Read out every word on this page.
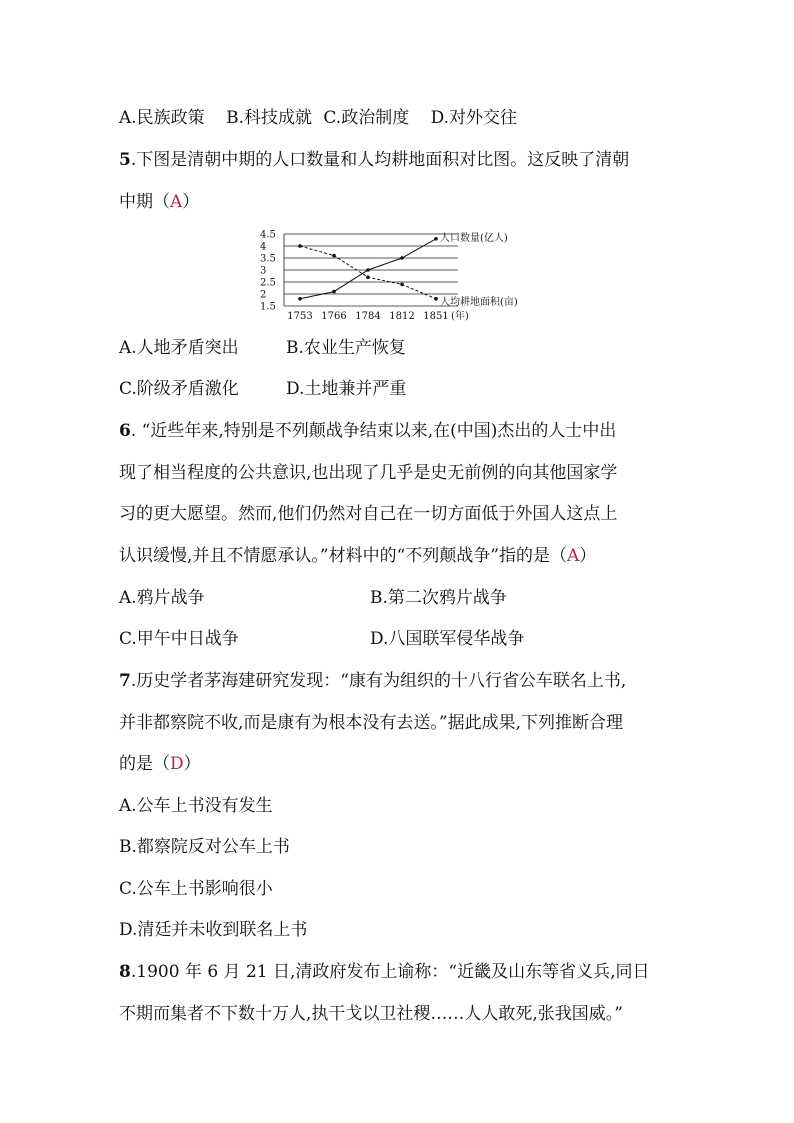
A.民族政策 B.科技成就 C.政治制度 D.对外交往
5.下图是清朝中期的人口数量和人均耕地面积对比图。这反映了清朝
中期（A）
4.5
4
3.5
3
2.5
2
1.5
1753 1766 1784 1812 1851 (年)
人口数量(亿人)
人均耕地面积(亩)
A.人地矛盾突出	B.农业生产恢复
C.阶级矛盾激化	D.土地兼并严重
6. “近些年来,特别是不列颠战争结束以来,在(中国)杰出的人士中出
现了相当程度的公共意识,也出现了几乎是史无前例的向其他国家学
习的更大愿望。然而,他们仍然对自己在一切方面低于外国人这点上
认识缓慢,并且不情愿承认。”材料中的“不列颠战争”指的是（A）
A.鸦片战争	B.第二次鸦片战争
C.甲午中日战争	D.八国联军侵华战争
7.历史学者茅海建研究发现：“康有为组织的十八行省公车联名上书,
并非都察院不收,而是康有为根本没有去送。”据此成果,下列推断合理
的是（D）
A.公车上书没有发生
B.都察院反对公车上书
C.公车上书影响很小
D.清廷并未收到联名上书
8.1900 年 6 月 21 日,清政府发布上谕称：“近畿及山东等省义兵,同日
不期而集者不下数十万人,执干戈以卫社稷……人人敢死,张我国威。”
